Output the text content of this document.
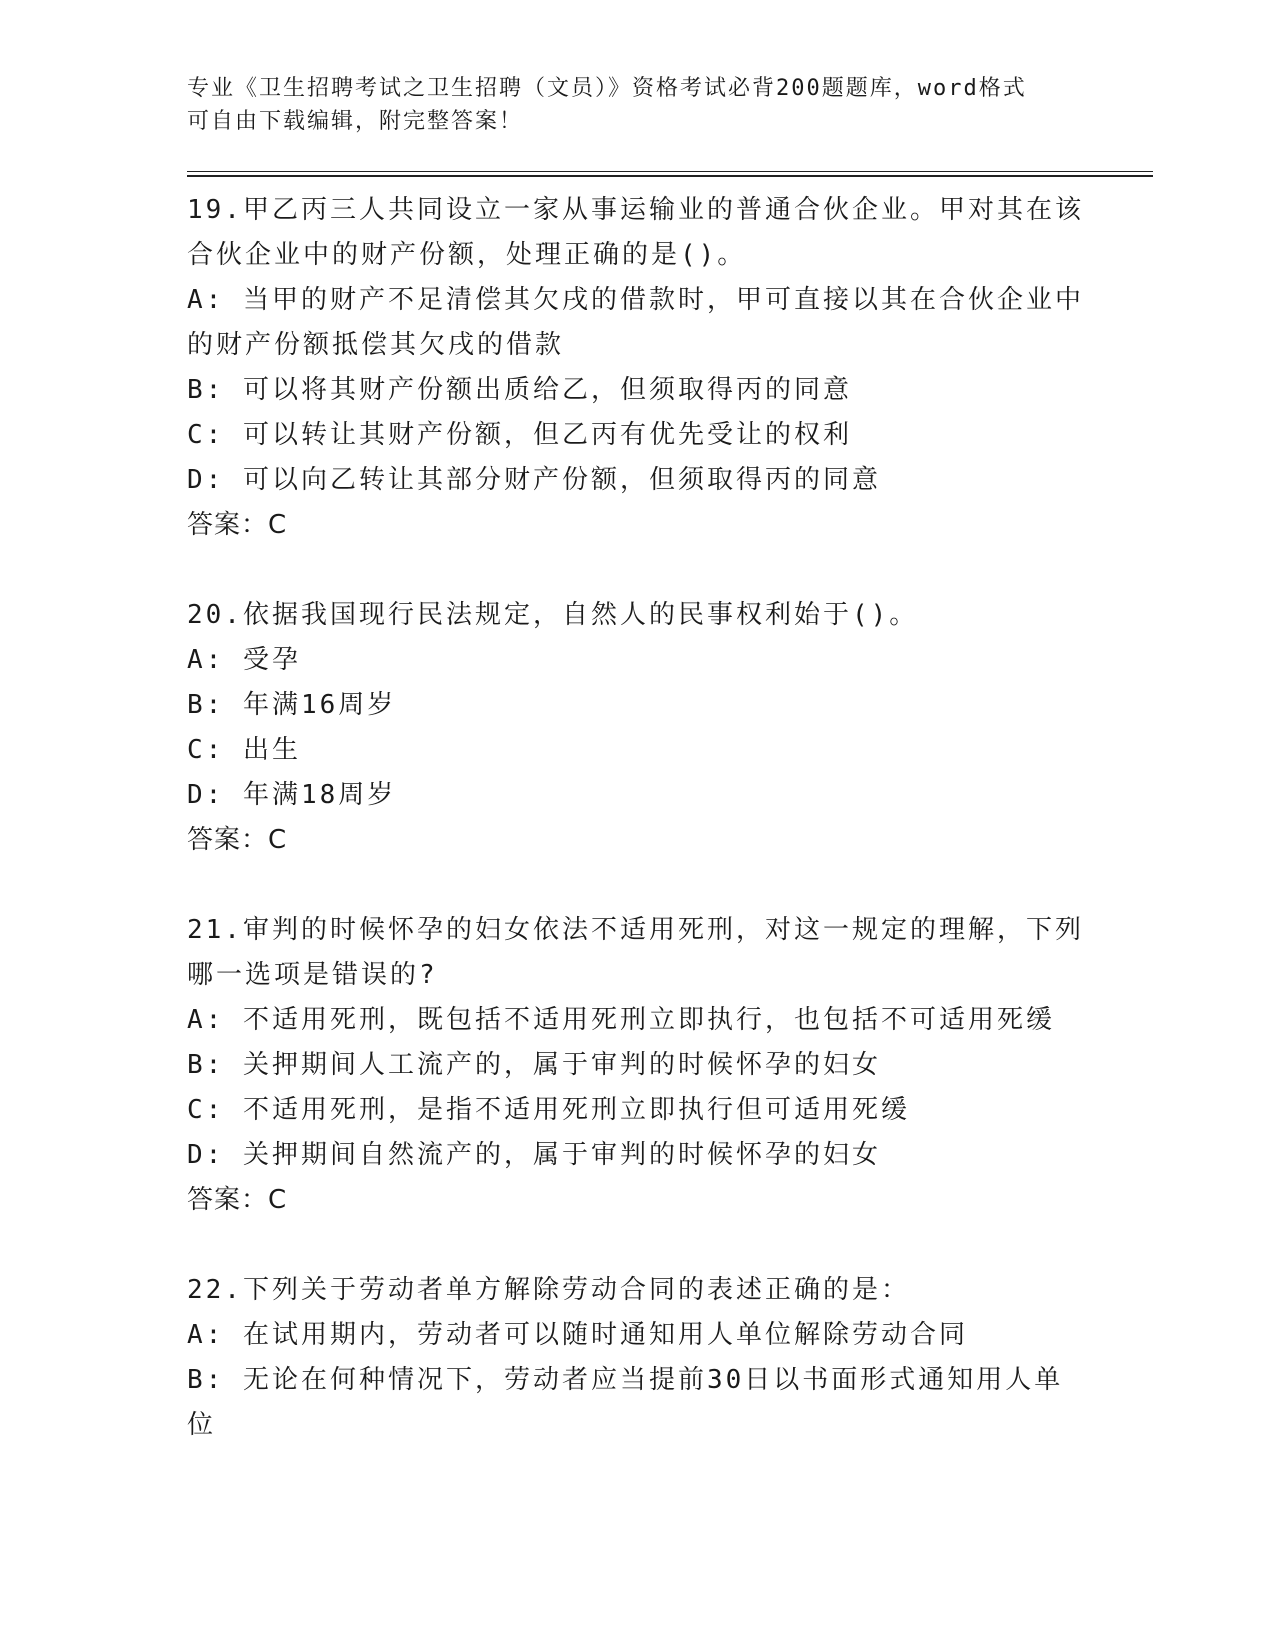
专业《卫生招聘考试之卫生招聘（文员）》资格考试必背200题题库，word格式
可自由下载编辑，附完整答案！
19.甲乙丙三人共同设立一家从事运输业的普通合伙企业。甲对其在该
合伙企业中的财产份额，处理正确的是()。
A: 当甲的财产不足清偿其欠戌的借款时，甲可直接以其在合伙企业中
的财产份额抵偿其欠戌的借款
B: 可以将其财产份额出质给乙，但须取得丙的同意
C: 可以转让其财产份额，但乙丙有优先受让的权利
D: 可以向乙转让其部分财产份额，但须取得丙的同意
答案：C
20.依据我国现行民法规定，自然人的民事权利始于()。
A: 受孕
B: 年满16周岁
C: 出生
D: 年满18周岁
答案：C
21.审判的时候怀孕的妇女依法不适用死刑，对这一规定的理解，下列
哪一选项是错误的?
A: 不适用死刑，既包括不适用死刑立即执行，也包括不可适用死缓
B: 关押期间人工流产的，属于审判的时候怀孕的妇女
C: 不适用死刑，是指不适用死刑立即执行但可适用死缓
D: 关押期间自然流产的，属于审判的时候怀孕的妇女
答案：C
22.下列关于劳动者单方解除劳动合同的表述正确的是：
A: 在试用期内，劳动者可以随时通知用人单位解除劳动合同
B: 无论在何种情况下，劳动者应当提前30日以书面形式通知用人单
位
